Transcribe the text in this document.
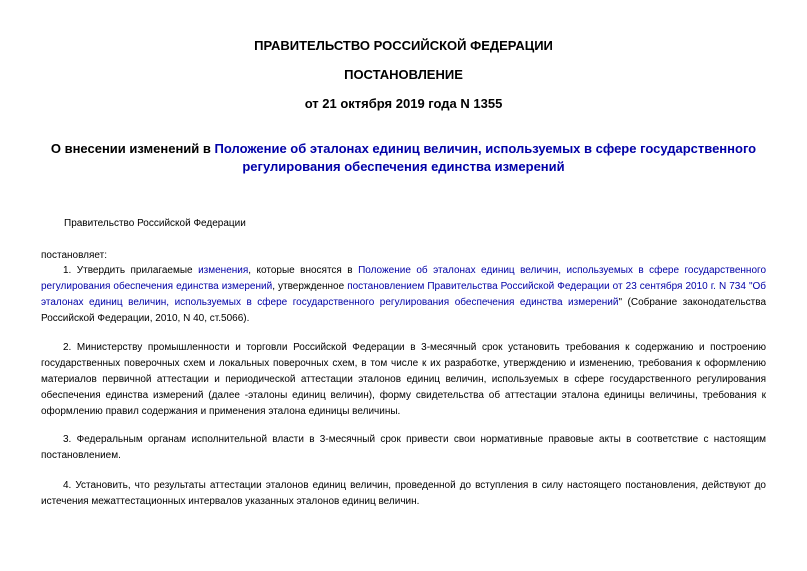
ПРАВИТЕЛЬСТВО РОССИЙСКОЙ ФЕДЕРАЦИИ
ПОСТАНОВЛЕНИЕ
от 21 октября 2019 года N 1355
О внесении изменений в Положение об эталонах единиц величин, используемых в сфере государственного регулирования обеспечения единства измерений
Правительство Российской Федерации
постановляет:
1. Утвердить прилагаемые изменения, которые вносятся в Положение об эталонах единиц величин, используемых в сфере государственного регулирования обеспечения единства измерений, утвержденное постановлением Правительства Российской Федерации от 23 сентября 2010 г. N 734 "Об эталонах единиц величин, используемых в сфере государственного регулирования обеспечения единства измерений" (Собрание законодательства Российской Федерации, 2010, N 40, ст.5066).
2. Министерству промышленности и торговли Российской Федерации в 3-месячный срок установить требования к содержанию и построению государственных поверочных схем и локальных поверочных схем, в том числе к их разработке, утверждению и изменению, требования к оформлению материалов первичной аттестации и периодической аттестации эталонов единиц величин, используемых в сфере государственного регулирования обеспечения единства измерений (далее -эталоны единиц величин), форму свидетельства об аттестации эталона единицы величины, требования к оформлению правил содержания и применения эталона единицы величины.
3. Федеральным органам исполнительной власти в 3-месячный срок привести свои нормативные правовые акты в соответствие с настоящим постановлением.
4. Установить, что результаты аттестации эталонов единиц величин, проведенной до вступления в силу настоящего постановления, действуют до истечения межаттестационных интервалов указанных эталонов единиц величин.
